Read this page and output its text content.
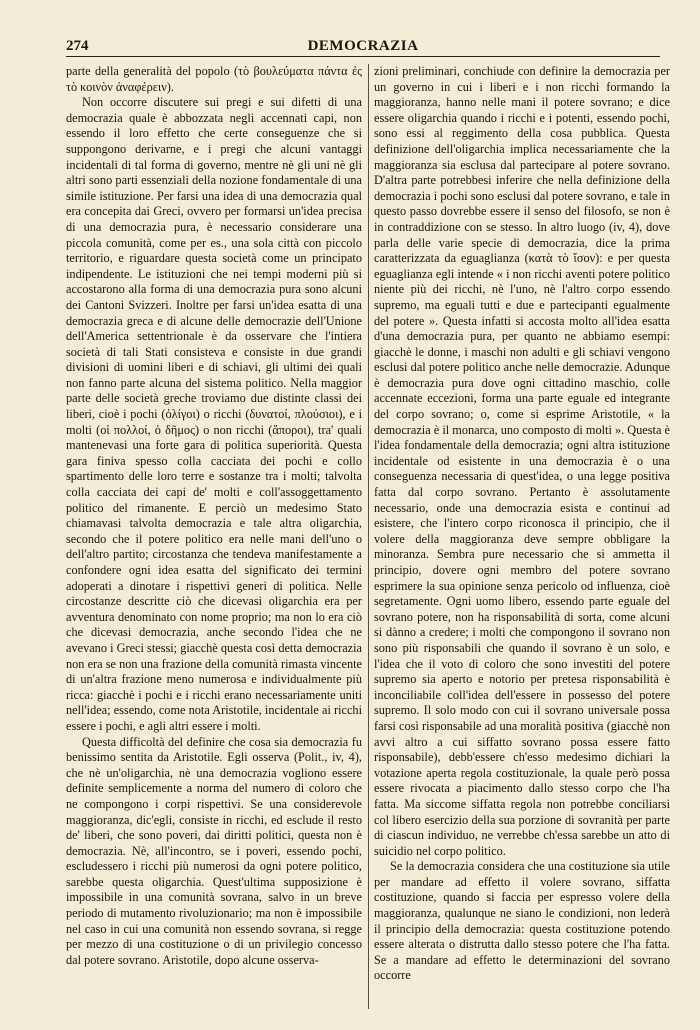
274	DEMOCRAZIA

parte della generalità del popolo (τὸ βουλεύματα πάντα ἐς τὸ κοινὸν ἀναφέρειν).

Non occorre discutere sui pregi e sui difetti di una democrazia quale è abbozzata negli accennati capi, non essendo il loro effetto che certe conseguenze che si suppongono derivarne, e i pregi che alcuni vantaggi incidentali di tal forma di governo, mentre nè gli uni nè gli altri sono parti essenziali della nozione fondamentale di una simile istituzione. Per farsi una idea di una democrazia qual era concepita dai Greci, ovvero per formarsi un'idea precisa di una democrazia pura, è necessario considerare una piccola comunità, come per es., una sola città con piccolo territorio, e riguardare questa società come un principato indipendente. Le istituzioni che nei tempi moderni più si accostarono alla forma di una democrazia pura sono alcuni dei Cantoni Svizzeri. Inoltre per farsi un'idea esatta di una democrazia greca e di alcune delle democrazie dell'Unione dell'America settentrionale è da osservare che l'intiera società di tali Stati consisteva e consiste in due grandi divisioni di uomini liberi e di schiavi, gli ultimi dei quali non fanno parte alcuna del sistema politico. Nella maggior parte delle società greche troviamo due distinte classi dei liberi, cioè i pochi (ὀλίγοι) o ricchi (δυνατοί, πλούσιοι), e i molti (οἱ πολλοί, ὁ δῆμος) o non ricchi (ἄποροι), tra' quali mantenevasi una forte gara di politica superiorità. Questa gara finiva spesso colla cacciata dei pochi e collo spartimento delle loro terre e sostanze tra i molti; talvolta colla cacciata dei capi de' molti e coll'assoggettamento politico del rimanente. E perciò un medesimo Stato chiamavasi talvolta democrazia e tale altra oligarchia, secondo che il potere politico era nelle mani dell'uno o dell'altro partito; circostanza che tendeva manifestamente a confondere ogni idea esatta del significato dei termini adoperati a dinotare i rispettivi generi di politica. Nelle circostanze descritte ciò che dicevasi oligarchia era per avventura denominato con nome proprio; ma non lo era ciò che dicevasi democrazia, anche secondo l'idea che ne avevano i Greci stessi; giacchè questa così detta democrazia non era se non una frazione della comunità rimasta vincente di un'altra frazione meno numerosa e individualmente più ricca: giacchè i pochi e i ricchi erano necessariamente uniti nell'idea; essendo, come nota Aristotile, incidentale ai ricchi essere i pochi, e agli altri essere i molti.

Questa difficoltà del definire che cosa sia democrazia fu benissimo sentita da Aristotile. Egli osserva (Polit., iv, 4), che nè un'oligarchia, nè una democrazia vogliono essere definite semplicemente a norma del numero di coloro che ne compongono i corpi rispettivi. Se una considerevole maggioranza, dic'egli, consiste in ricchi, ed esclude il resto de' liberi, che sono poveri, dai diritti politici, questa non è democrazia. Nè, all'incontro, se i poveri, essendo pochi, escludessero i ricchi più numerosi da ogni potere politico, sarebbe questa oligarchia. Quest'ultima supposizione è impossibile in una comunità sovrana, salvo in un breve periodo di mutamento rivoluzionario; ma non è impossibile nel caso in cui una comunità non essendo sovrana, si regge per mezzo di una costituzione o di un privilegio concesso dal potere sovrano. Aristotile, dopo alcune osserva-

zioni preliminari, conchiude con definire la democrazia per un governo in cui i liberi e i non ricchi formando la maggioranza, hanno nelle mani il potere sovrano; e dice essere oligarchia quando i ricchi e i potenti, essendo pochi, sono essi al reggimento della cosa pubblica. Questa definizione dell'oligarchia implica necessariamente che la maggioranza sia esclusa dal partecipare al potere sovrano. D'altra parte potrebbesi inferire che nella definizione della democrazia i pochi sono esclusi dal potere sovrano, e tale in questo passo dovrebbe essere il senso del filosofo, se non è in contraddizione con se stesso. In altro luogo (iv, 4), dove parla delle varie specie di democrazia, dice la prima caratterizzata da eguaglianza (κατὰ τὸ ἴσον): e per questa eguaglianza egli intende « i non ricchi aventi potere politico niente più dei ricchi, nè l'uno, nè l'altro corpo essendo supremo, ma eguali tutti e due e partecipanti egualmente del potere ». Questa infatti si accosta molto all'idea esatta d'una democrazia pura, per quanto ne abbiamo esempi: giacchè le donne, i maschi non adulti e gli schiavi vengono esclusi dal potere politico anche nelle democrazie. Adunque è democrazia pura dove ogni cittadino maschio, colle accennate eccezioni, forma una parte eguale ed integrante del corpo sovrano; o, come si esprime Aristotile, « la democrazia è il monarca, uno composto di molti ». Questa è l'idea fondamentale della democrazia; ogni altra istituzione incidentale od esistente in una democrazia è o una conseguenza necessaria di quest'idea, o una legge positiva fatta dal corpo sovrano. Pertanto è assolutamente necessario, onde una democrazia esista e continui ad esistere, che l'intero corpo riconosca il principio, che il volere della maggioranza deve sempre obbligare la minoranza. Sembra pure necessario che si ammetta il principio, dovere ogni membro del potere sovrano esprimere la sua opinione senza pericolo od influenza, cioè segretamente. Ogni uomo libero, essendo parte eguale del sovrano potere, non ha risponsabilità di sorta, come alcuni si dànno a credere; i molti che compongono il sovrano non sono più risponsabili che quando il sovrano è un solo, e l'idea che il voto di coloro che sono investiti del potere supremo sia aperto e notorio per pretesa risponsabilità è inconciliabile coll'idea dell'essere in possesso del potere supremo. Il solo modo con cui il sovrano universale possa farsi così risponsabile ad una moralità positiva (giacchè non avvi altro a cui siffatto sovrano possa essere fatto risponsabile), debb'essere ch'esso medesimo dichiari la votazione aperta regola costituzionale, la quale però possa essere rivocata a piacimento dallo stesso corpo che l'ha fatta. Ma siccome siffatta regola non potrebbe conciliarsi col libero esercizio della sua porzione di sovranità per parte di ciascun individuo, ne verrebbe ch'essa sarebbe un atto di suicidio nel corpo politico.

Se la democrazia considera che una costituzione sia utile per mandare ad effetto il volere sovrano, siffatta costituzione, quando si faccia per espresso volere della maggioranza, qualunque ne siano le condizioni, non lederà il principio della democrazia: questa costituzione potendo essere alterata o distrutta dallo stesso potere che l'ha fatta. Se a mandare ad effetto le determinazioni del sovrano occorre
